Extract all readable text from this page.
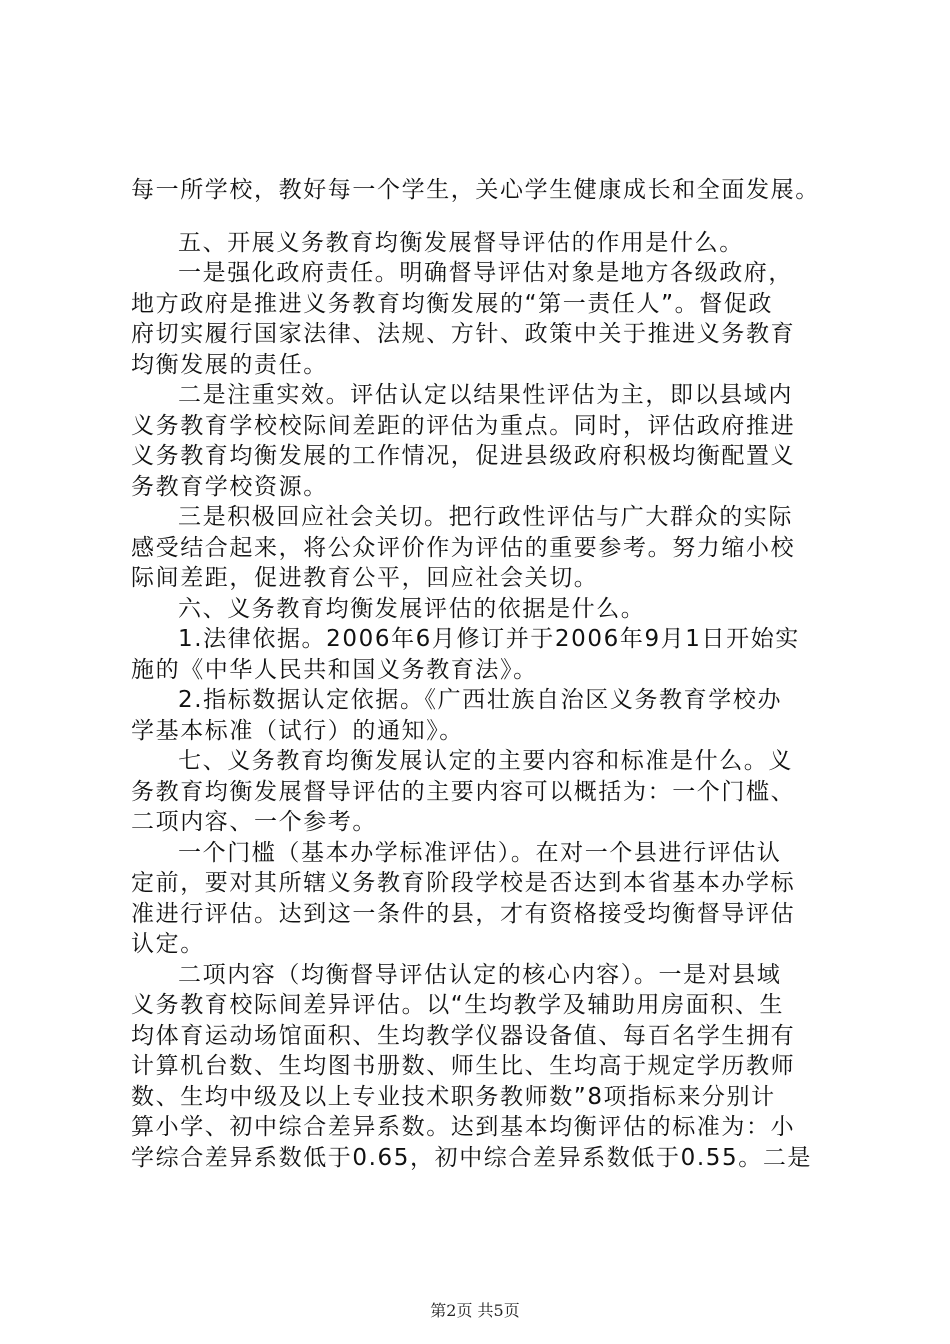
每一所学校，教好每一个学生，关心学生健康成长和全面发展。
五、开展义务教育均衡发展督导评估的作用是什么。
一是强化政府责任。明确督导评估对象是地方各级政府，
地方政府是推进义务教育均衡发展的“第一责任人”。督促政
府切实履行国家法律、法规、方针、政策中关于推进义务教育
均衡发展的责任。
二是注重实效。评估认定以结果性评估为主，即以县域内
义务教育学校校际间差距的评估为重点。同时，评估政府推进
义务教育均衡发展的工作情况，促进县级政府积极均衡配置义
务教育学校资源。
三是积极回应社会关切。把行政性评估与广大群众的实际
感受结合起来，将公众评价作为评估的重要参考。努力缩小校
际间差距，促进教育公平，回应社会关切。
六、义务教育均衡发展评估的依据是什么。
1.法律依据。2006年6月修订并于2006年9月1日开始实
施的《中华人民共和国义务教育法》。
2.指标数据认定依据。《广西壮族自治区义务教育学校办
学基本标准（试行）的通知》。
七、义务教育均衡发展认定的主要内容和标准是什么。义
务教育均衡发展督导评估的主要内容可以概括为：一个门槛、
二项内容、一个参考。
一个门槛（基本办学标准评估）。在对一个县进行评估认
定前，要对其所辖义务教育阶段学校是否达到本省基本办学标
准进行评估。达到这一条件的县，才有资格接受均衡督导评估
认定。
二项内容（均衡督导评估认定的核心内容）。一是对县域
义务教育校际间差异评估。以“生均教学及辅助用房面积、生
均体育运动场馆面积、生均教学仪器设备值、每百名学生拥有
计算机台数、生均图书册数、师生比、生均高于规定学历教师
数、生均中级及以上专业技术职务教师数”8项指标来分别计
算小学、初中综合差异系数。达到基本均衡评估的标准为：小
学综合差异系数低于0.65，初中综合差异系数低于0.55。二是
第2页 共5页
